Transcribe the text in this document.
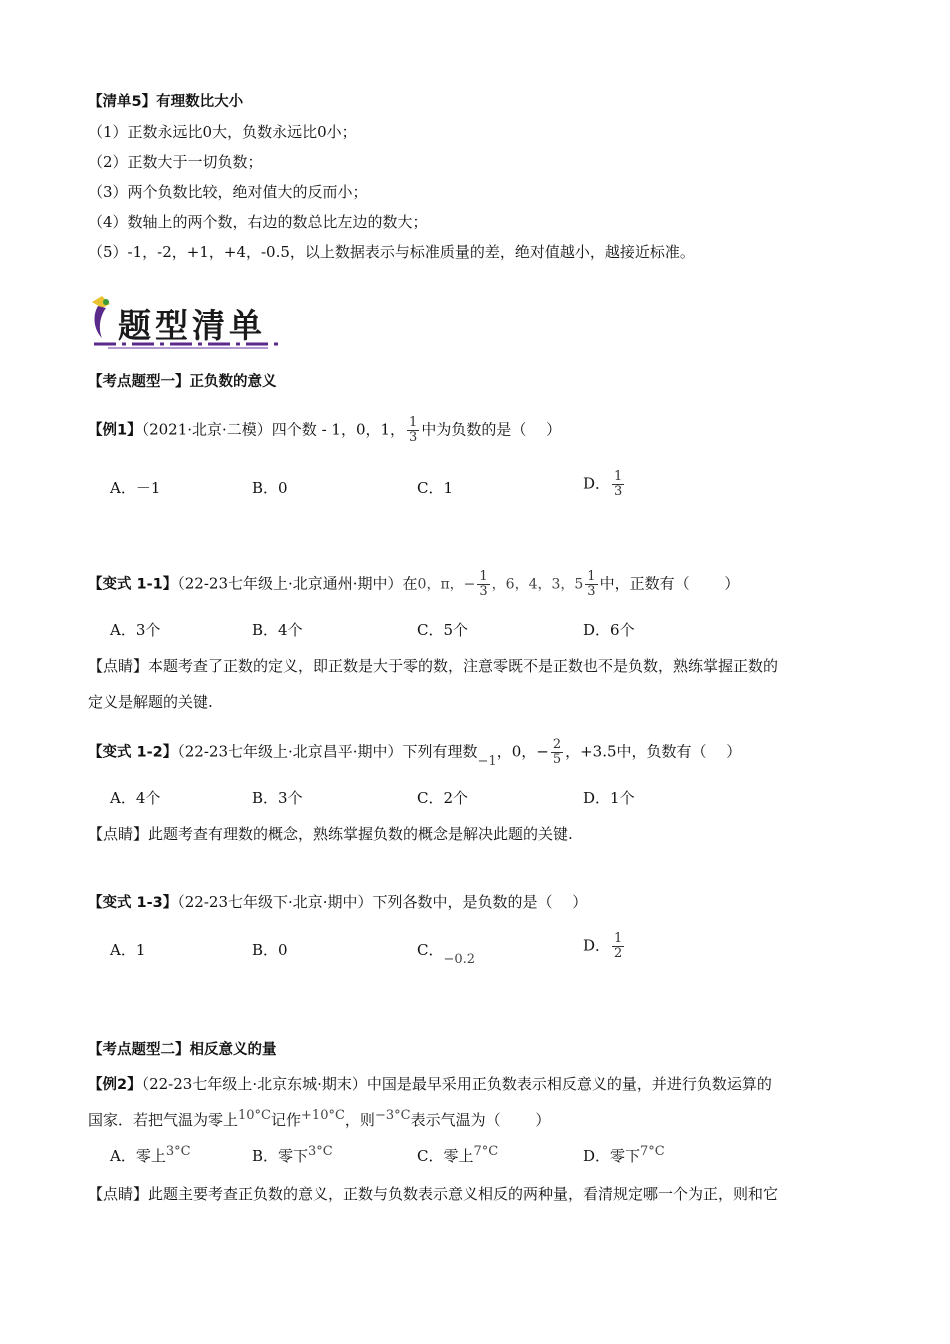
【清单5】有理数比大小
（1）正数永远比0大，负数永远比0小；
（2）正数大于一切负数；
（3）两个负数比较，绝对值大的反而小；
（4）数轴上的两个数，右边的数总比左边的数大；
（5）-1，-2，+1，+4，-0.5，以上数据表示与标准质量的差，绝对值越小，越接近标准。
题型清单
【考点题型一】正负数的意义
【例1】（2021·北京·二模）四个数 - 1，0，1， $\frac{1}{3}$ 中为负数的是（　 ）
A．－1	B．0	C．1	D． $\frac{1}{3}$
【变式 1-1】（22-23七年级上·北京通州·期中）在0，π，− $\frac{1}{3}$ ，6，4，3，$5 \frac{1}{3}$ 中，正数有（　　 ）
A．3个	B．4个	C．5个	D．6个
【点睛】本题考查了正数的定义，即正数是大于零的数，注意零既不是正数也不是负数，熟练掌握正数的
定义是解题的关键.
【变式 1-2】（22-23七年级上·北京昌平·期中）下列有理数−1，0，− $\frac{2}{5}$ ，+3.5中，负数有（　 ）
A．4个	B．3个	C．2个	D．1个
【点睛】此题考查有理数的概念，熟练掌握负数的概念是解决此题的关键.
【变式 1-3】（22-23七年级下·北京·期中）下列各数中，是负数的是（　 ）
A．1	B．0	C．−0.2
D． $\frac{1}{2}$
【考点题型二】相反意义的量
【例2】（22-23七年级上·北京东城·期末）中国是最早采用正负数表示相反意义的量，并进行负数运算的
国家．若把气温为零上10°C记作+10°C，则−3°C表示气温为（　　 ）
A．零上3°C	B．零下3°C	C．零上7°C	D．零下7°C
【点睛】此题主要考查正负数的意义，正数与负数表示意义相反的两种量，看清规定哪一个为正，则和它
